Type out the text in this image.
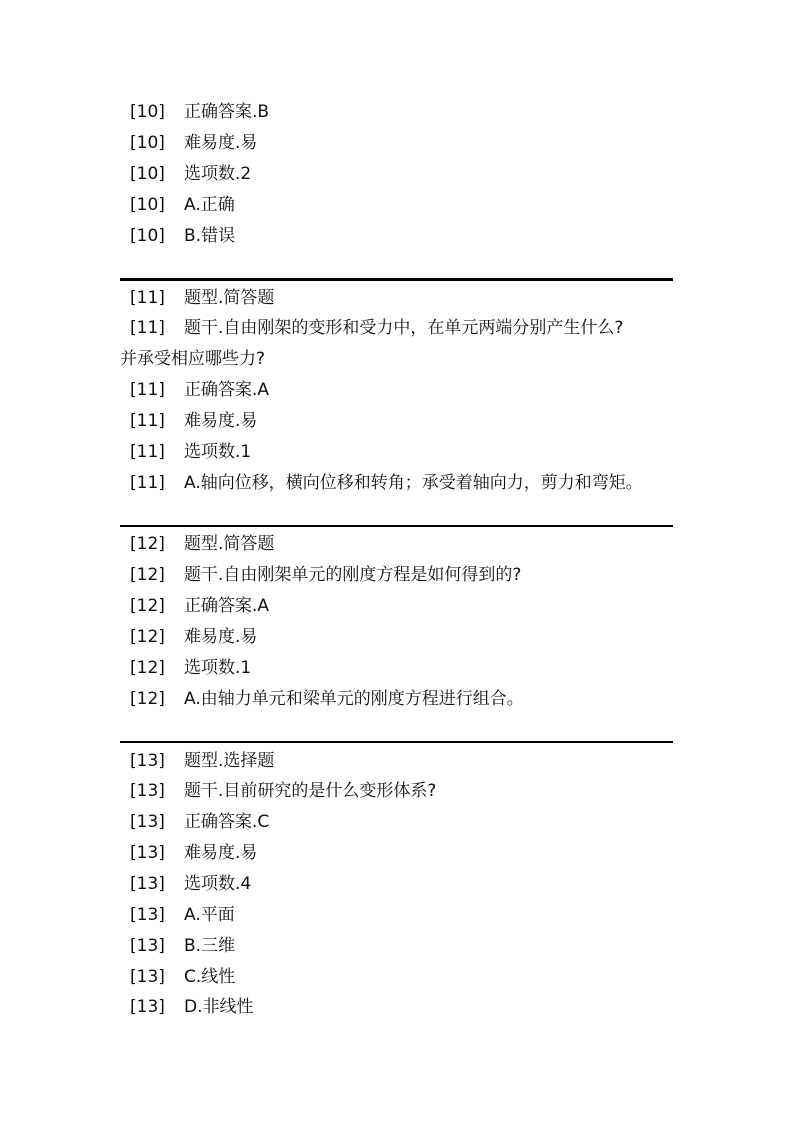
[10] 正确答案.B
[10] 难易度.易
[10] 选项数.2
[10] A.正确
[10] B.错误
[11] 题型.简答题
[11] 题干.自由刚架的变形和受力中，在单元两端分别产生什么?
并承受相应哪些力?
[11] 正确答案.A
[11] 难易度.易
[11] 选项数.1
[11] A.轴向位移，横向位移和转角；承受着轴向力，剪力和弯矩。
[12] 题型.简答题
[12] 题干.自由刚架单元的刚度方程是如何得到的?
[12] 正确答案.A
[12] 难易度.易
[12] 选项数.1
[12] A.由轴力单元和梁单元的刚度方程进行组合。
[13] 题型.选择题
[13] 题干.目前研究的是什么变形体系?
[13] 正确答案.C
[13] 难易度.易
[13] 选项数.4
[13] A.平面
[13] B.三维
[13] C.线性
[13] D.非线性
